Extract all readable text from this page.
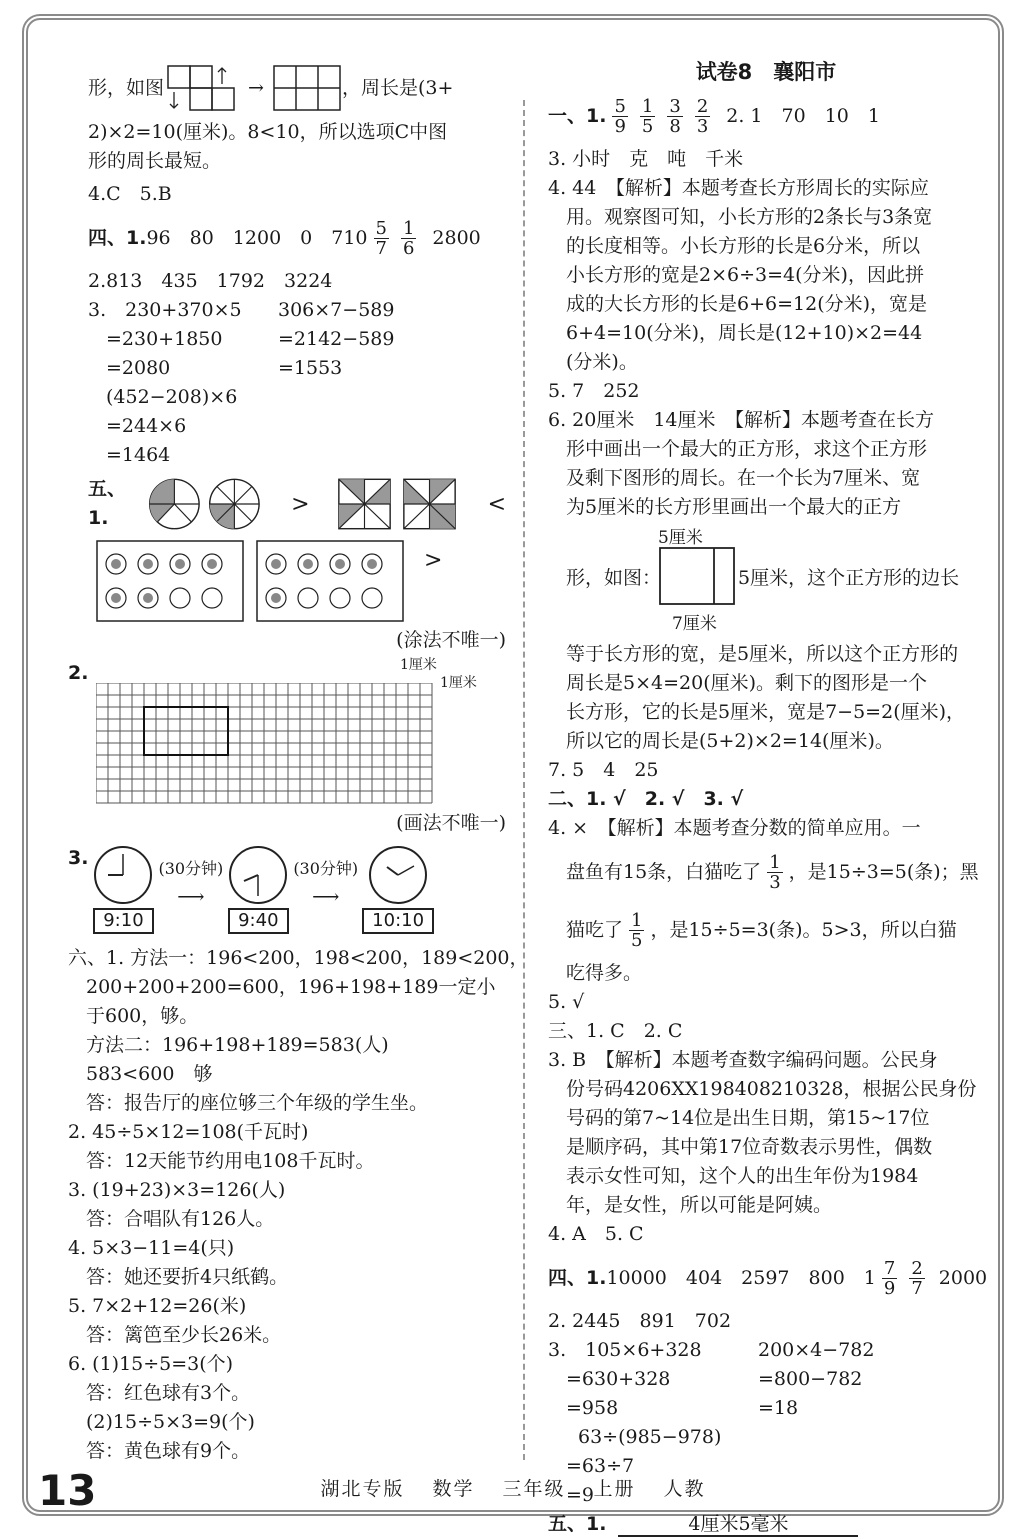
形，如图	→	，周长是(3+
2)×2=10(厘米)。8<10，所以选项C中图
形的周长最短。
4.C　5.B
四、1. 96　80　1200　0　$710 \frac{5}{7} \frac{1}{6} 2800$
2.813　435　1792　3224
3.　230+370×5	306×7−589
=230+1850	=2142−589
=2080	=1553
(452−208)×6
=244×6
=1464
五、1.
>	<
>
(涂法不唯一)
2.	1厘米
1厘米
(画法不唯一)
3.
9:10
(30分钟)
⟶
9:40
(30分钟)
⟶
10:10
六、1. 方法一：196<200，198<200，189<200，
200+200+200=600，196+198+189一定小
于600，够。
方法二：196+198+189=583(人)
583<600　够
答：报告厅的座位够三个年级的学生坐。
2. 45÷5×12=108(千瓦时)
答：12天能节约用电108千瓦时。
3. (19+23)×3=126(人)
答：合唱队有126人。
4. 5×3−11=4(只)
答：她还要折4只纸鹤。
5. 7×2+12=26(米)
答：篱笆至少长26米。
6. (1)15÷5=3(个)
答：红色球有3个。
(2)15÷5×3=9(个)
答：黄色球有9个。
试卷8　襄阳市
一、1. $\frac{5}{9} \frac{1}{5} \frac{3}{8} \frac{2}{3} 2$. 1　70　10　1
3. 小时　克　吨　千米
4. 44　【解析】本题考查长方形周长的实际应
用。观察图可知，小长方形的2条长与3条宽
的长度相等。小长方形的长是6分米，所以
小长方形的宽是2×6÷3=4(分米)，因此拼
成的大长方形的长是6+6=12(分米)，宽是
6+4=10(分米)，周长是(12+10)×2=44
(分米)。
5. 7　252
6. 20厘米　14厘米　【解析】本题考查在长方
形中画出一个最大的正方形，求这个正方形
及剩下图形的周长。在一个长为7厘米、宽
为5厘米的长方形里画出一个最大的正方
5厘米
形，如图：	5厘米，这个正方形的边长
7厘米
等于长方形的宽，是5厘米，所以这个正方形的
周长是5×4=20(厘米)。剩下的图形是一个
长方形，它的长是5厘米，宽是7−5=2(厘米)，
所以它的周长是(5+2)×2=14(厘米)。
7. 5　4　25
二、1. √　2. √　3. √
4. ×　【解析】本题考查分数的简单应用。一
盘鱼有15条，白猫吃了 $\frac{1}{3}$ ，是15÷3=5(条)；黑
猫吃了 $\frac{1}{5}$ ，是15÷5=3(条)。5>3，所以白猫
吃得多。
5. √
三、1. C　2. C
3. B　【解析】本题考查数字编码问题。公民身
份号码4206XX198408210328，根据公民身份
号码的第7~14位是出生日期，第15~17位
是顺序码，其中第17位奇数表示男性，偶数
表示女性可知，这个人的出生年份为1984
年，是女性，所以可能是阿姨。
4. A　5. C
四、1. 10000　404　2597　800　$1 \frac{7}{9} \frac{2}{7} 2000$
2. 2445　891　702
3.　105×6+328	200×4−782
=630+328	=800−782
=958	=18
63÷(985−978)
=63÷7
=9
五、1.	4厘米5毫米
13	湖北专版 数学 三年级 上册 人教
